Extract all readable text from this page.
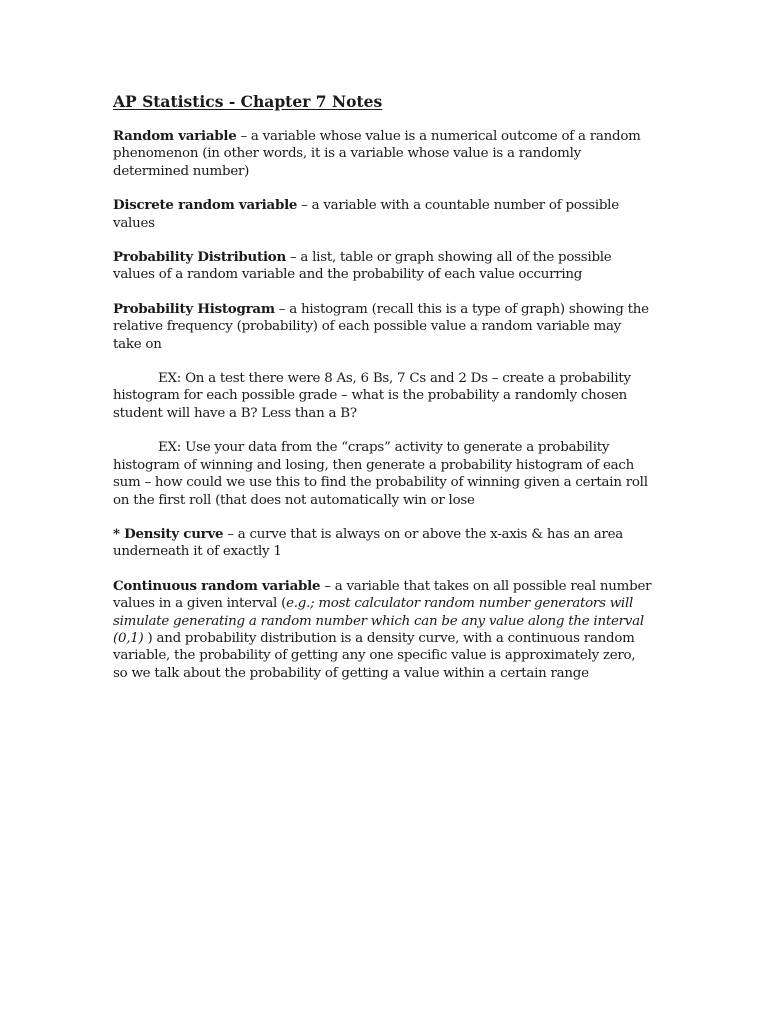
AP Statistics - Chapter 7 Notes

Random variable – a variable whose value is a numerical outcome of a random phenomenon (in other words, it is a variable whose value is a randomly determined number)

Discrete random variable – a variable with a countable number of possible values

Probability Distribution – a list, table or graph showing all of the possible values of a random variable and the probability of each value occurring

Probability Histogram – a histogram (recall this is a type of graph) showing the relative frequency (probability) of each possible value a random variable may take on

EX: On a test there were 8 As, 6 Bs, 7 Cs and 2 Ds – create a probability histogram for each possible grade – what is the probability a randomly chosen student will have a B? Less than a B?

EX: Use your data from the “craps” activity to generate a probability histogram of winning and losing, then generate a probability histogram of each sum – how could we use this to find the probability of winning given a certain roll on the first roll (that does not automatically win or lose

* Density curve – a curve that is always on or above the x-axis & has an area underneath it of exactly 1

Continuous random variable – a variable that takes on all possible real number values in a given interval (e.g.; most calculator random number generators will simulate generating a random number which can be any value along the interval (0,1) ) and probability distribution is a density curve, with a continuous random variable, the probability of getting any one specific value is approximately zero, so we talk about the probability of getting a value within a certain range
